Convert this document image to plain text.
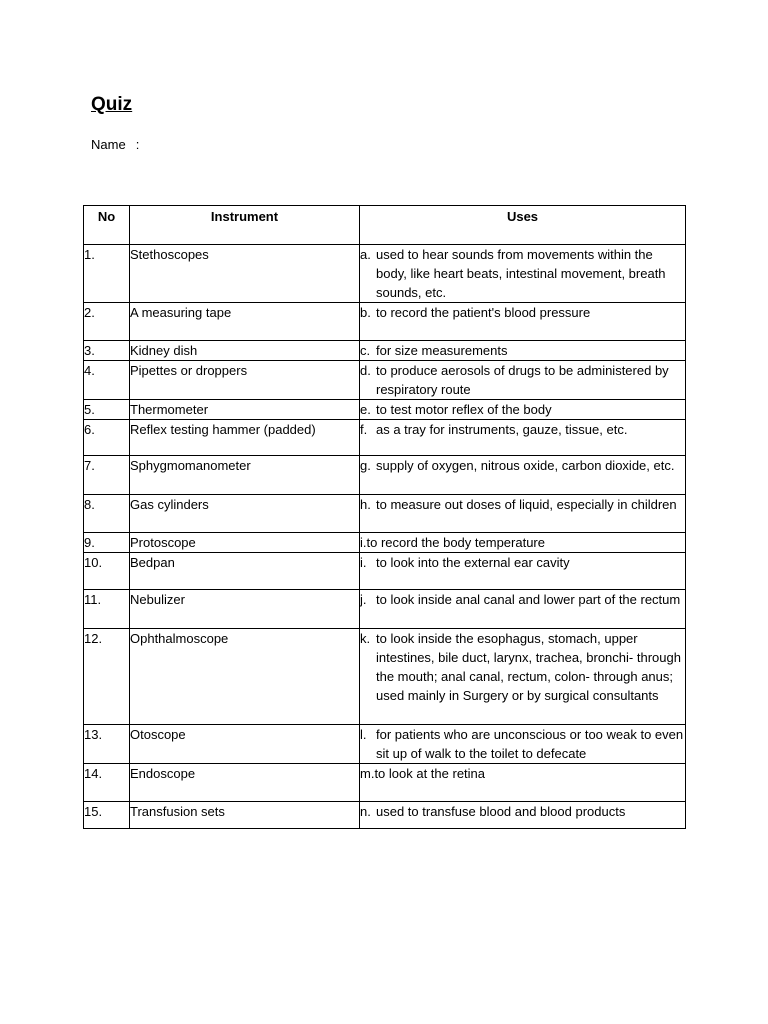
Quiz
Name :
No	Instrument	Uses
1.	Stethoscopes	a. used to hear sounds from movements within the body, like heart beats, intestinal movement, breath sounds, etc.

2.	A measuring tape	b. to record the patient's blood pressure

3.	Kidney dish	c. for size measurements

4.	Pipettes or droppers	d. to produce aerosols of drugs to be administered by respiratory route

5.	Thermometer	e. to test motor reflex of the body

6.	Reflex testing hammer (padded)	f. as a tray for instruments, gauze, tissue, etc.

7.	Sphygmomanometer	g. supply of oxygen, nitrous oxide, carbon dioxide, etc.

8.	Gas cylinders	h. to measure out doses of liquid, especially in children

9.	Protoscope	i.to record the body temperature
10.	Bedpan	i. to look into the external ear cavity

11.	Nebulizer	j. to look inside anal canal and lower part of the rectum

12.	Ophthalmoscope	k. to look inside the esophagus, stomach, upper intestines, bile duct, larynx, trachea, bronchi- through the mouth; anal canal, rectum, colon- through anus; used mainly in Surgery or by surgical consultants

13.	Otoscope	l. for patients who are unconscious or too weak to even sit up of walk to the toilet to defecate

14.	Endoscope	m.to look at the retina
15.	Transfusion sets	n. used to transfuse blood and blood products
